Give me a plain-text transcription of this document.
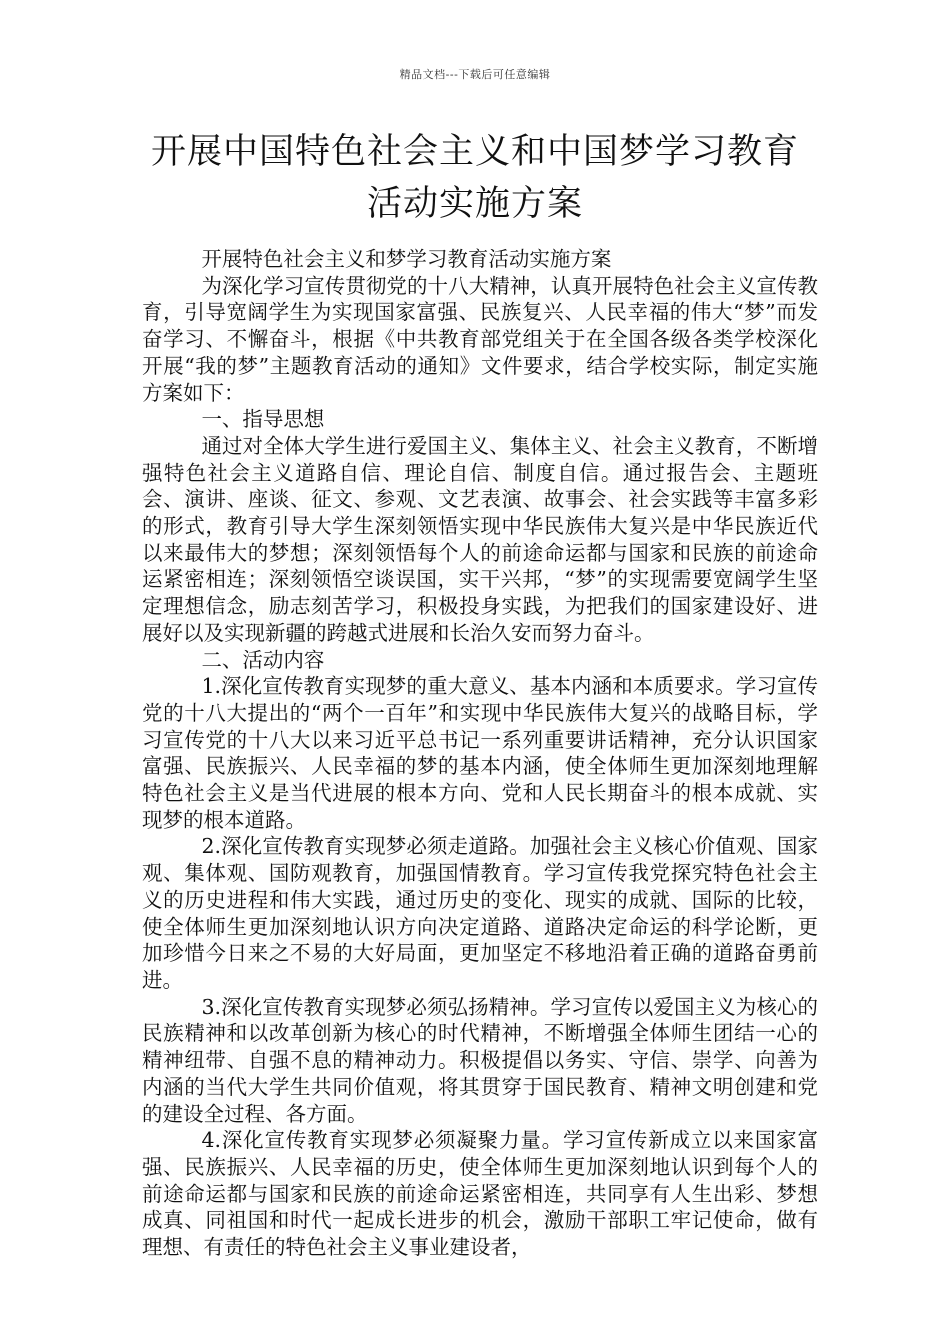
精品文档---下载后可任意编辑
开展中国特色社会主义和中国梦学习教育活动实施方案

开展特色社会主义和梦学习教育活动实施方案

为深化学习宣传贯彻党的十八大精神，认真开展特色社会主义宣传教育，引导宽阔学生为实现国家富强、民族复兴、人民幸福的伟大“梦”而发奋学习、不懈奋斗，根据《中共教育部党组关于在全国各级各类学校深化开展“我的梦”主题教育活动的通知》文件要求，结合学校实际，制定实施方案如下：

一、指导思想

通过对全体大学生进行爱国主义、集体主义、社会主义教育，不断增强特色社会主义道路自信、理论自信、制度自信。通过报告会、主题班会、演讲、座谈、征文、参观、文艺表演、故事会、社会实践等丰富多彩的形式，教育引导大学生深刻领悟实现中华民族伟大复兴是中华民族近代以来最伟大的梦想；深刻领悟每个人的前途命运都与国家和民族的前途命运紧密相连；深刻领悟空谈误国，实干兴邦，“梦”的实现需要宽阔学生坚定理想信念，励志刻苦学习，积极投身实践，为把我们的国家建设好、进展好以及实现新疆的跨越式进展和长治久安而努力奋斗。

二、活动内容

1.深化宣传教育实现梦的重大意义、基本内涵和本质要求。学习宣传党的十八大提出的“两个一百年”和实现中华民族伟大复兴的战略目标，学习宣传党的十八大以来习近平总书记一系列重要讲话精神，充分认识国家富强、民族振兴、人民幸福的梦的基本内涵，使全体师生更加深刻地理解特色社会主义是当代进展的根本方向、党和人民长期奋斗的根本成就、实现梦的根本道路。

2.深化宣传教育实现梦必须走道路。加强社会主义核心价值观、国家观、集体观、国防观教育，加强国情教育。学习宣传我党探究特色社会主义的历史进程和伟大实践，通过历史的变化、现实的成就、国际的比较，使全体师生更加深刻地认识方向决定道路、道路决定命运的科学论断，更加珍惜今日来之不易的大好局面，更加坚定不移地沿着正确的道路奋勇前进。

3.深化宣传教育实现梦必须弘扬精神。学习宣传以爱国主义为核心的民族精神和以改革创新为核心的时代精神，不断增强全体师生团结一心的精神纽带、自强不息的精神动力。积极提倡以务实、守信、崇学、向善为内涵的当代大学生共同价值观，将其贯穿于国民教育、精神文明创建和党的建设全过程、各方面。

4.深化宣传教育实现梦必须凝聚力量。学习宣传新成立以来国家富强、民族振兴、人民幸福的历史，使全体师生更加深刻地认识到每个人的前途命运都与国家和民族的前途命运紧密相连，共同享有人生出彩、梦想成真、同祖国和时代一起成长进步的机会，激励干部职工牢记使命，做有理想、有责任的特色社会主义事业建设者，
